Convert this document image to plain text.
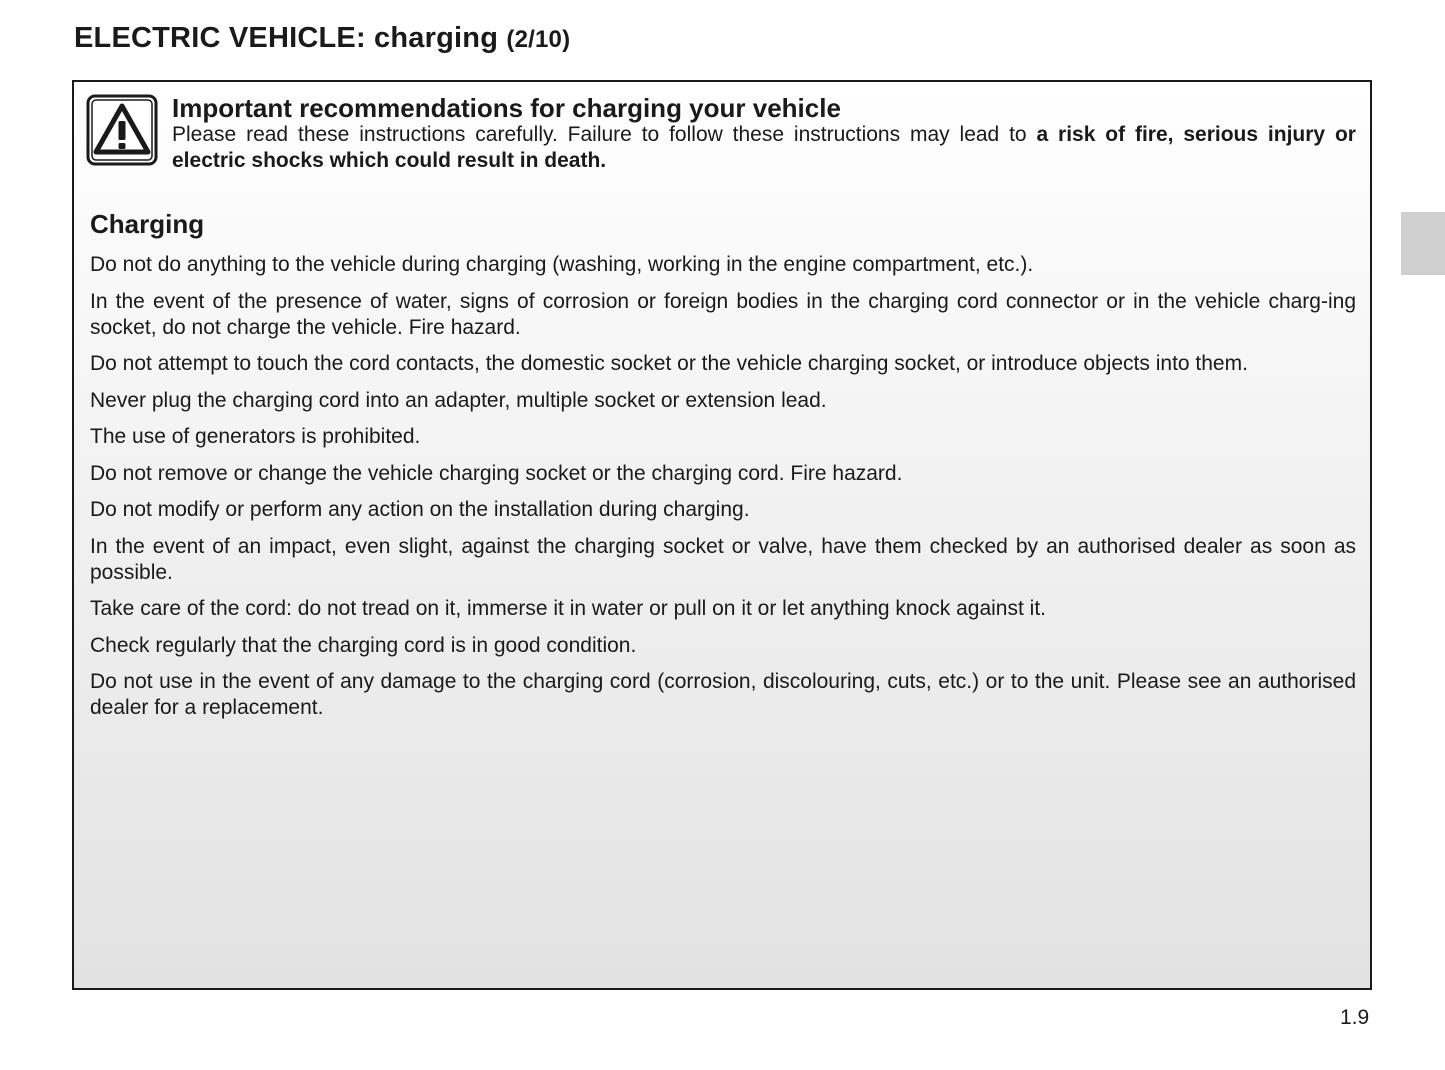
ELECTRIC VEHICLE: charging (2/10)
Important recommendations for charging your vehicle
Please read these instructions carefully. Failure to follow these instructions may lead to a risk of fire, serious injury or electric shocks which could result in death.
Charging

Do not do anything to the vehicle during charging (washing, working in the engine compartment, etc.).

In the event of the presence of water, signs of corrosion or foreign bodies in the charging cord connector or in the vehicle charg-ing socket, do not charge the vehicle. Fire hazard.

Do not attempt to touch the cord contacts, the domestic socket or the vehicle charging socket, or introduce objects into them.

Never plug the charging cord into an adapter, multiple socket or extension lead.

The use of generators is prohibited.

Do not remove or change the vehicle charging socket or the charging cord. Fire hazard.

Do not modify or perform any action on the installation during charging.

In the event of an impact, even slight, against the charging socket or valve, have them checked by an authorised dealer as soon as possible.

Take care of the cord: do not tread on it, immerse it in water or pull on it or let anything knock against it.

Check regularly that the charging cord is in good condition.

Do not use in the event of any damage to the charging cord (corrosion, discolouring, cuts, etc.) or to the unit. Please see an authorised dealer for a replacement.

1.9
